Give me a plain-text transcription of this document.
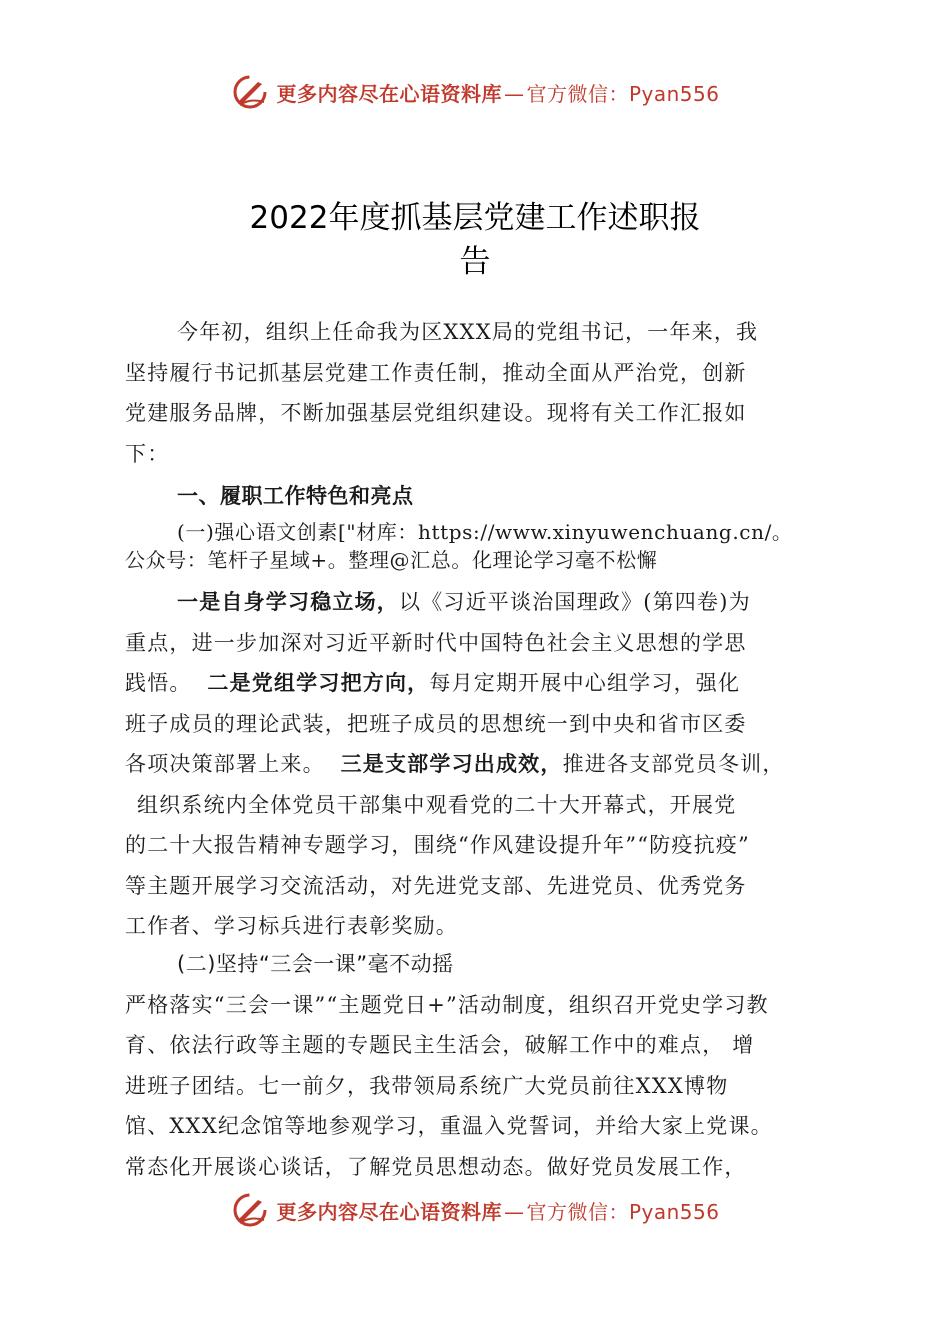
更多内容尽在心语资料库 — 官方微信：Pyan556
2022年度抓基层党建工作述职报
告
今年初，组织上任命我为区XXX局的党组书记，一年来，我
坚持履行书记抓基层党建工作责任制，推动全面从严治党，创新
党建服务品牌，不断加强基层党组织建设。现将有关工作汇报如
下：
一、履职工作特色和亮点
(一)强心语文创素["材库：https://www.xinyuwenchuang.cn/。
公众号：笔杆子星域+。整理@汇总。化理论学习毫不松懈
一是自身学习稳立场，以《习近平谈治国理政》(第四卷)为
重点，进一步加深对习近平新时代中国特色社会主义思想的学思
践悟。 二是党组学习把方向，每月定期开展中心组学习，强化
班子成员的理论武装，把班子成员的思想统一到中央和省市区委
各项决策部署上来。 三是支部学习出成效，推进各支部党员冬训，
组织系统内全体党员干部集中观看党的二十大开幕式，开展党
的二十大报告精神专题学习，围绕“作风建设提升年”“防疫抗疫”
等主题开展学习交流活动，对先进党支部、先进党员、优秀党务
工作者、学习标兵进行表彰奖励。
(二)坚持“三会一课”毫不动摇
严格落实“三会一课”“主题党日+”活动制度，组织召开党史学习教
育、依法行政等主题的专题民主生活会，破解工作中的难点， 增
进班子团结。七一前夕，我带领局系统广大党员前往XXX博物
馆、XXX纪念馆等地参观学习，重温入党誓词，并给大家上党课。
常态化开展谈心谈话，了解党员思想动态。做好党员发展工作，
更多内容尽在心语资料库 — 官方微信：Pyan556
